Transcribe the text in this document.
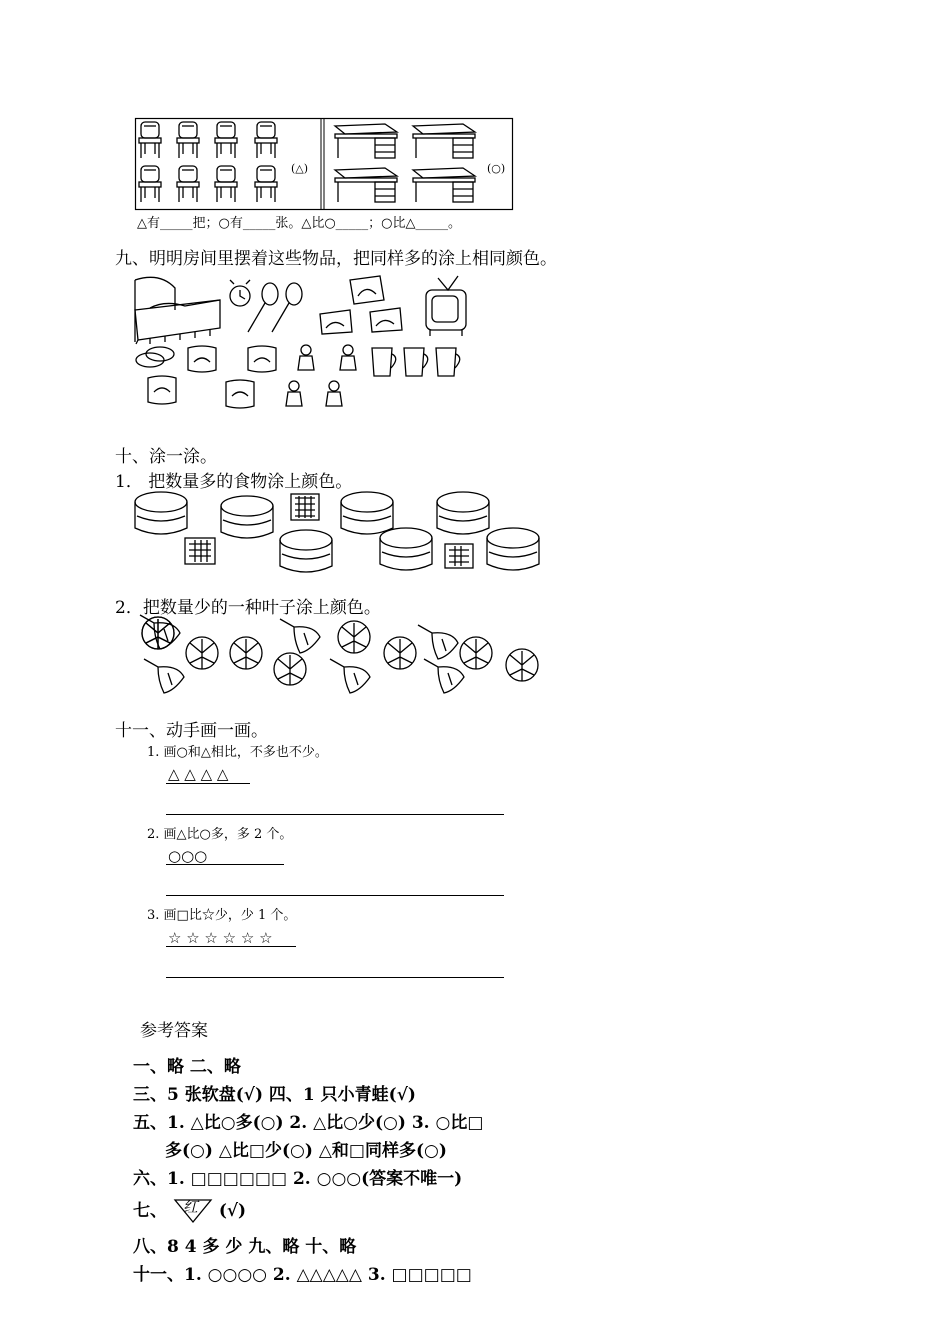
(△)	(○)
△有_____把；○有_____张。△比○_____；○比△_____。
九、明明房间里摆着这些物品，把同样多的涂上相同颜色。
十、涂一涂。
1． 把数量多的食物涂上颜色。
2．把数量少的一种叶子涂上颜色。
十一、动手画一画。
1. 画○和△相比，不多也不少。
△ △ △ △
2. 画△比○多，多 2 个。
○○○
3. 画□比☆少，少 1 个。
☆ ☆ ☆ ☆ ☆ ☆
参考答案
一、略 二、略
三、5 张软盘(√) 四、1 只小青蛙(√)
五、1. △比○多(○) 2. △比○少(○) 3. ○比□
多(○) △比□少(○) △和□同样多(○)
六、1. □□□□□□ 2. ○○○(答案不唯一)
七、 红 (√)
八、8 4 多 少 九、略 十、略
十一、1. ○○○○ 2. △△△△△ 3. □□□□□
